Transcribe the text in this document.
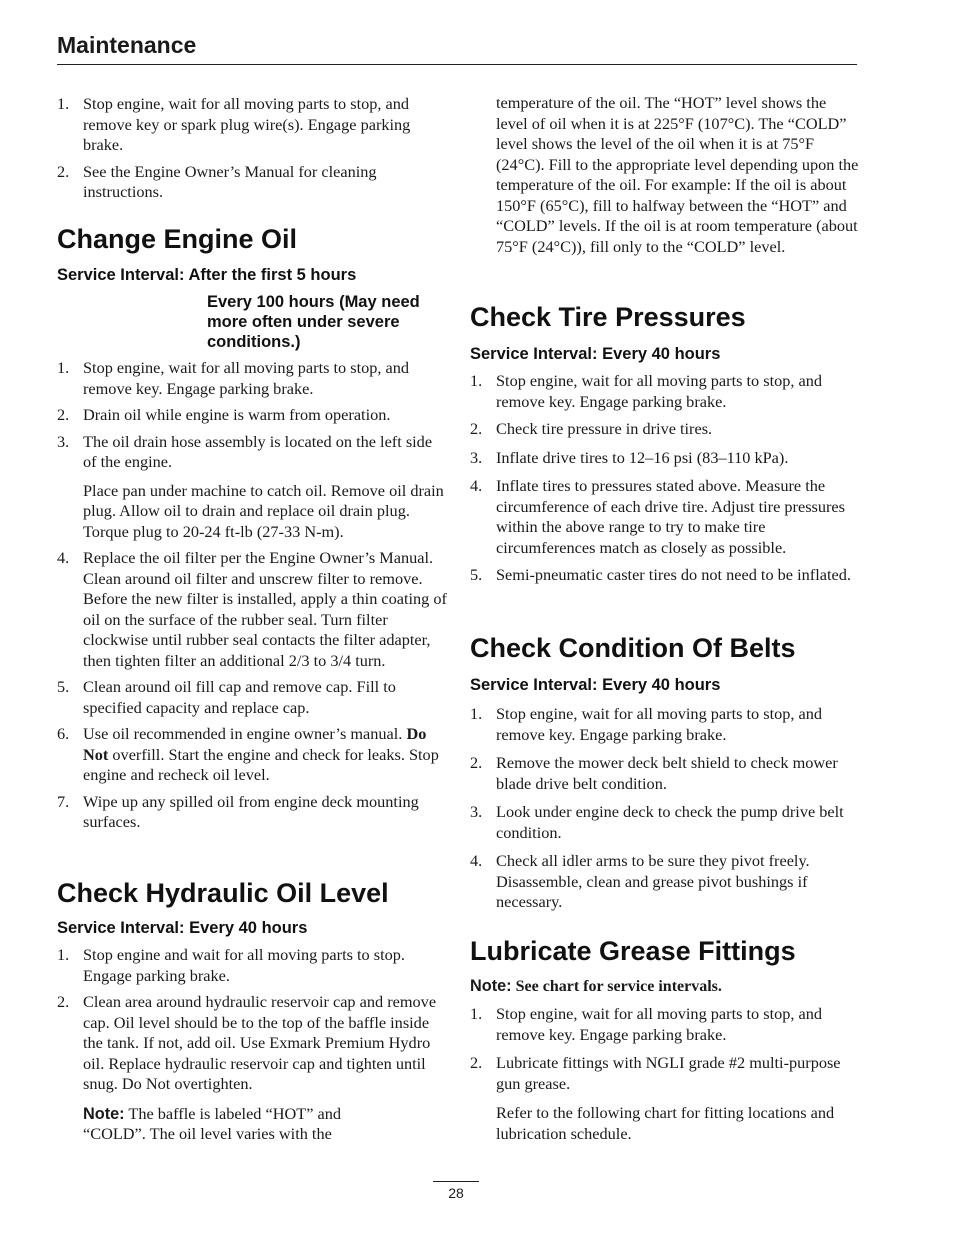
Maintenance
1. Stop engine, wait for all moving parts to stop, and remove key or spark plug wire(s). Engage parking brake.
2. See the Engine Owner’s Manual for cleaning instructions.
Change Engine Oil
Service Interval: After the first 5 hours
Every 100 hours (May need more often under severe conditions.)
1. Stop engine, wait for all moving parts to stop, and remove key. Engage parking brake.
2. Drain oil while engine is warm from operation.
3. The oil drain hose assembly is located on the left side of the engine.
Place pan under machine to catch oil. Remove oil drain plug. Allow oil to drain and replace oil drain plug. Torque plug to 20-24 ft-lb (27-33 N-m).
4. Replace the oil filter per the Engine Owner’s Manual. Clean around oil filter and unscrew filter to remove. Before the new filter is installed, apply a thin coating of oil on the surface of the rubber seal. Turn filter clockwise until rubber seal contacts the filter adapter, then tighten filter an additional 2/3 to 3/4 turn.
5. Clean around oil fill cap and remove cap. Fill to specified capacity and replace cap.
6. Use oil recommended in engine owner’s manual. Do Not overfill. Start the engine and check for leaks. Stop engine and recheck oil level.
7. Wipe up any spilled oil from engine deck mounting surfaces.
Check Hydraulic Oil Level
Service Interval: Every 40 hours
1. Stop engine and wait for all moving parts to stop. Engage parking brake.
2. Clean area around hydraulic reservoir cap and remove cap. Oil level should be to the top of the baffle inside the tank. If not, add oil. Use Exmark Premium Hydro oil. Replace hydraulic reservoir cap and tighten until snug. Do Not overtighten.
Note: The baffle is labeled “HOT” and “COLD”. The oil level varies with the
temperature of the oil. The “HOT” level shows the level of oil when it is at 225°F (107°C). The “COLD” level shows the level of the oil when it is at 75°F (24°C). Fill to the appropriate level depending upon the temperature of the oil. For example: If the oil is about 150°F (65°C), fill to halfway between the “HOT” and “COLD” levels. If the oil is at room temperature (about 75°F (24°C)), fill only to the “COLD” level.
Check Tire Pressures
Service Interval: Every 40 hours
1. Stop engine, wait for all moving parts to stop, and remove key. Engage parking brake.
2. Check tire pressure in drive tires.
3. Inflate drive tires to 12–16 psi (83–110 kPa).
4. Inflate tires to pressures stated above. Measure the circumference of each drive tire. Adjust tire pressures within the above range to try to make tire circumferences match as closely as possible.
5. Semi-pneumatic caster tires do not need to be inflated.
Check Condition Of Belts
Service Interval: Every 40 hours
1. Stop engine, wait for all moving parts to stop, and remove key. Engage parking brake.
2. Remove the mower deck belt shield to check mower blade drive belt condition.
3. Look under engine deck to check the pump drive belt condition.
4. Check all idler arms to be sure they pivot freely. Disassemble, clean and grease pivot bushings if necessary.
Lubricate Grease Fittings
Note: See chart for service intervals.
1. Stop engine, wait for all moving parts to stop, and remove key. Engage parking brake.
2. Lubricate fittings with NGLI grade #2 multi-purpose gun grease.
Refer to the following chart for fitting locations and lubrication schedule.
28
